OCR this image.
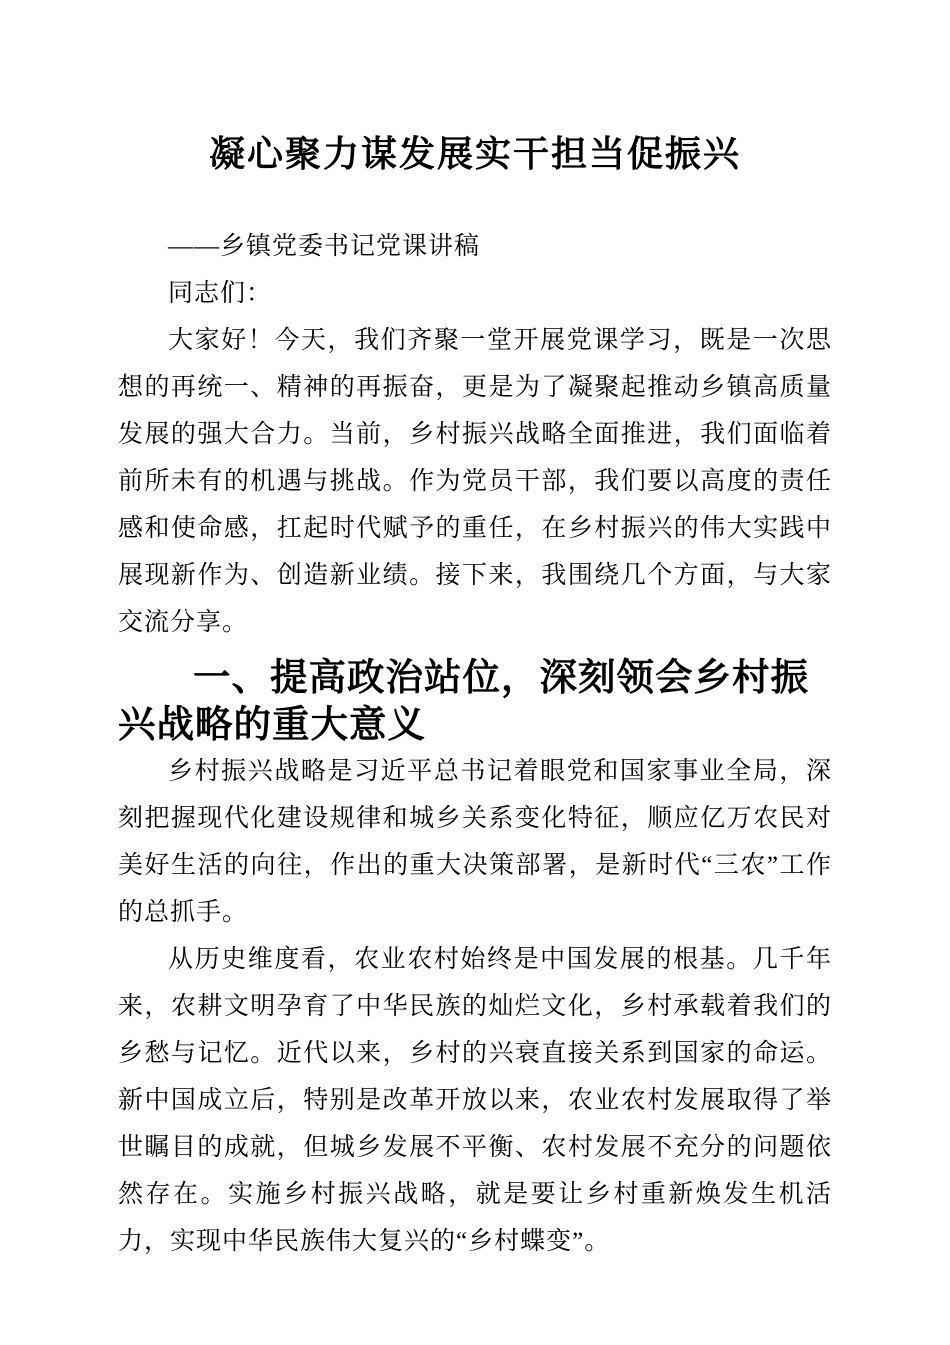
凝心聚力谋发展实干担当促振兴

——乡镇党委书记党课讲稿

同志们：

大家好！今天，我们齐聚一堂开展党课学习，既是一次思想的再统一、精神的再振奋，更是为了凝聚起推动乡镇高质量发展的强大合力。当前，乡村振兴战略全面推进，我们面临着前所未有的机遇与挑战。作为党员干部，我们要以高度的责任感和使命感，扛起时代赋予的重任，在乡村振兴的伟大实践中展现新作为、创造新业绩。接下来，我围绕几个方面，与大家交流分享。

一、提高政治站位，深刻领会乡村振兴战略的重大意义

乡村振兴战略是习近平总书记着眼党和国家事业全局，深刻把握现代化建设规律和城乡关系变化特征，顺应亿万农民对美好生活的向往，作出的重大决策部署，是新时代“三农”工作的总抓手。

从历史维度看，农业农村始终是中国发展的根基。几千年来，农耕文明孕育了中华民族的灿烂文化，乡村承载着我们的乡愁与记忆。近代以来，乡村的兴衰直接关系到国家的命运。新中国成立后，特别是改革开放以来，农业农村发展取得了举世瞩目的成就，但城乡发展不平衡、农村发展不充分的问题依然存在。实施乡村振兴战略，就是要让乡村重新焕发生机活力，实现中华民族伟大复兴的“乡村蝶变”。
